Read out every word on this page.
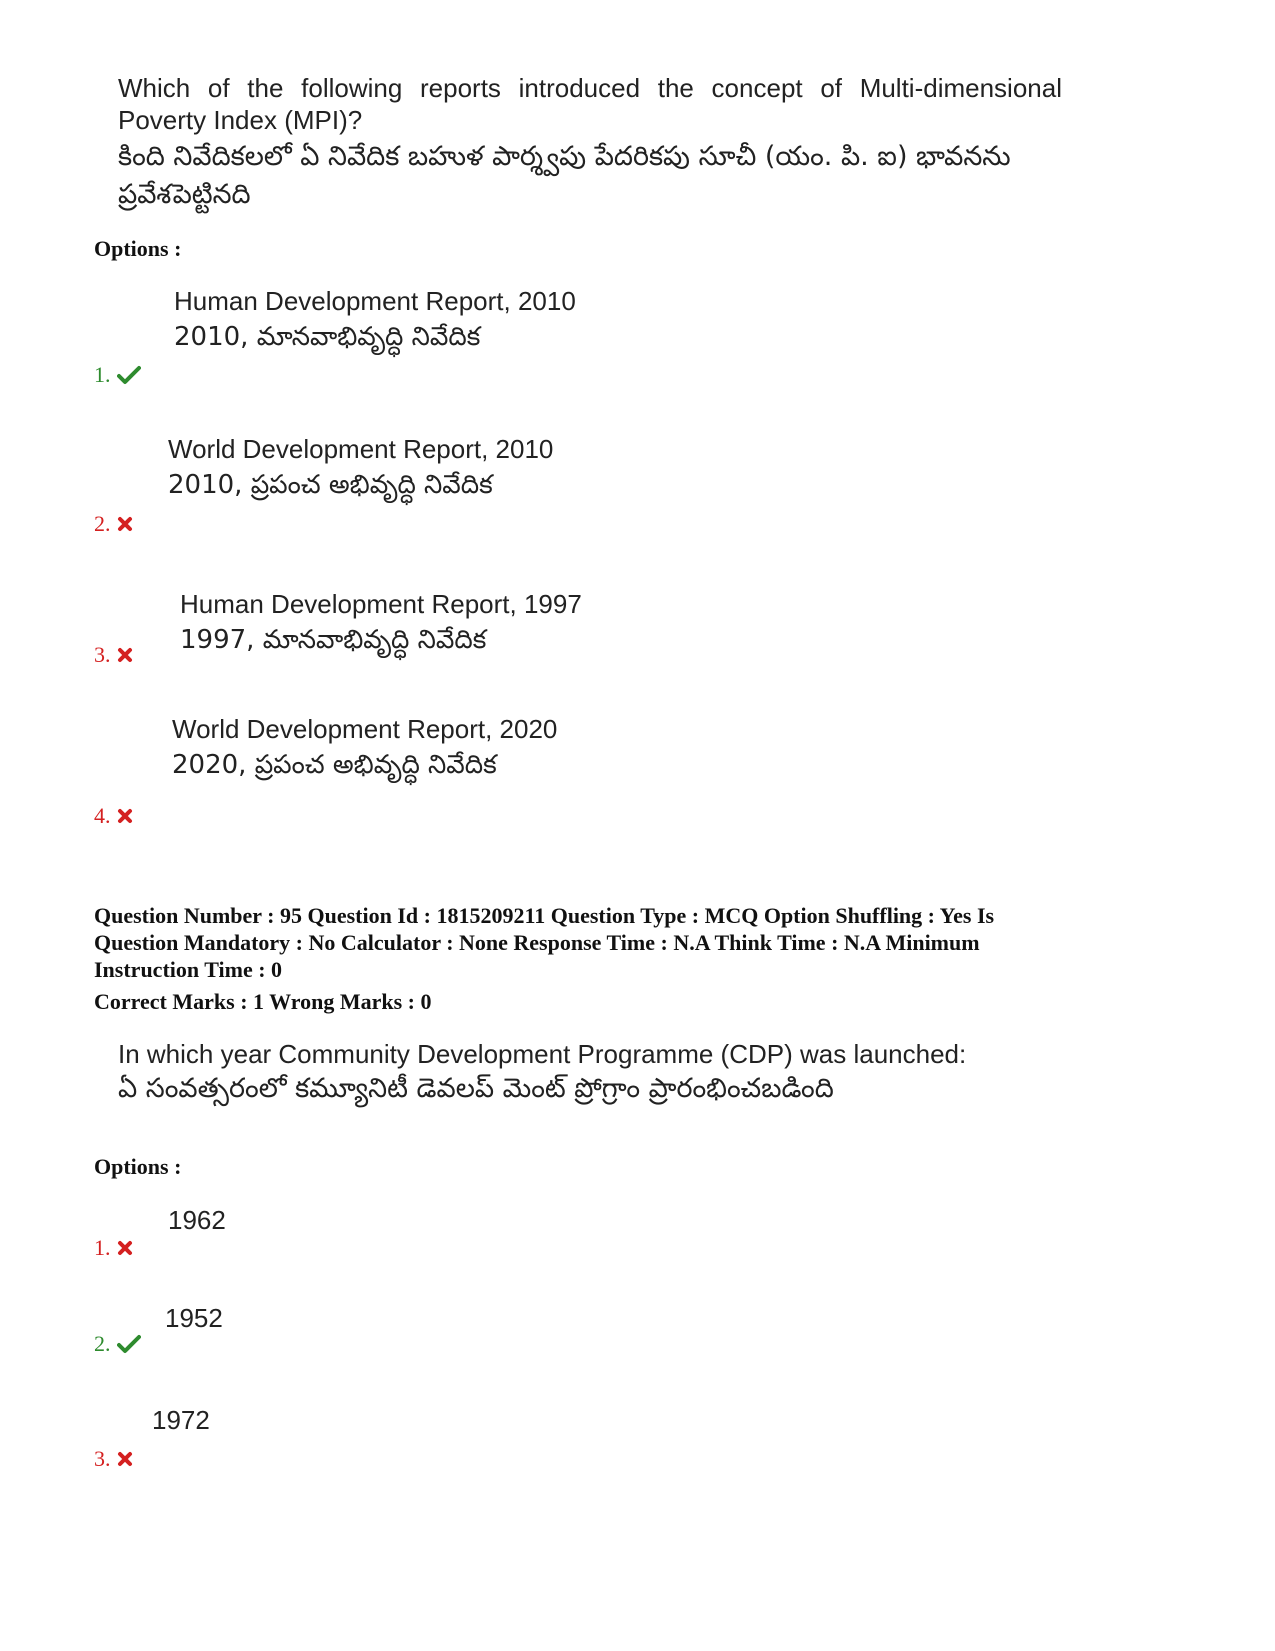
Which of the following reports introduced the concept of Multi-dimensional Poverty Index (MPI)?
కింది నివేదికలలో ఏ నివేదిక బహుళ పార్శ్వపు పేదరికపు సూచీ (యం. పి. ఐ) భావనను ప్రవేశపెట్టినది
Options :
Human Development Report, 2010
2010, మానవాభివృద్ధి నివేదిక
1.
World Development Report, 2010
2010, ప్రపంచ అభివృద్ధి నివేదిక
2.
Human Development Report, 1997
1997, మానవాభివృద్ధి నివేదిక
3.
World Development Report, 2020
2020, ప్రపంచ అభివృద్ధి నివేదిక
4.
Question Number : 95 Question Id : 1815209211 Question Type : MCQ Option Shuffling : Yes Is
Question Mandatory : No Calculator : None Response Time : N.A Think Time : N.A Minimum
Instruction Time : 0
Correct Marks : 1 Wrong Marks : 0
In which year Community Development Programme (CDP) was launched:
ఏ సంవత్సరంలో కమ్యూనిటీ డెవలప్ మెంట్ ప్రోగ్రాం ప్రారంభించబడింది
Options :
1962
1.
1952
2.
1972
3.
